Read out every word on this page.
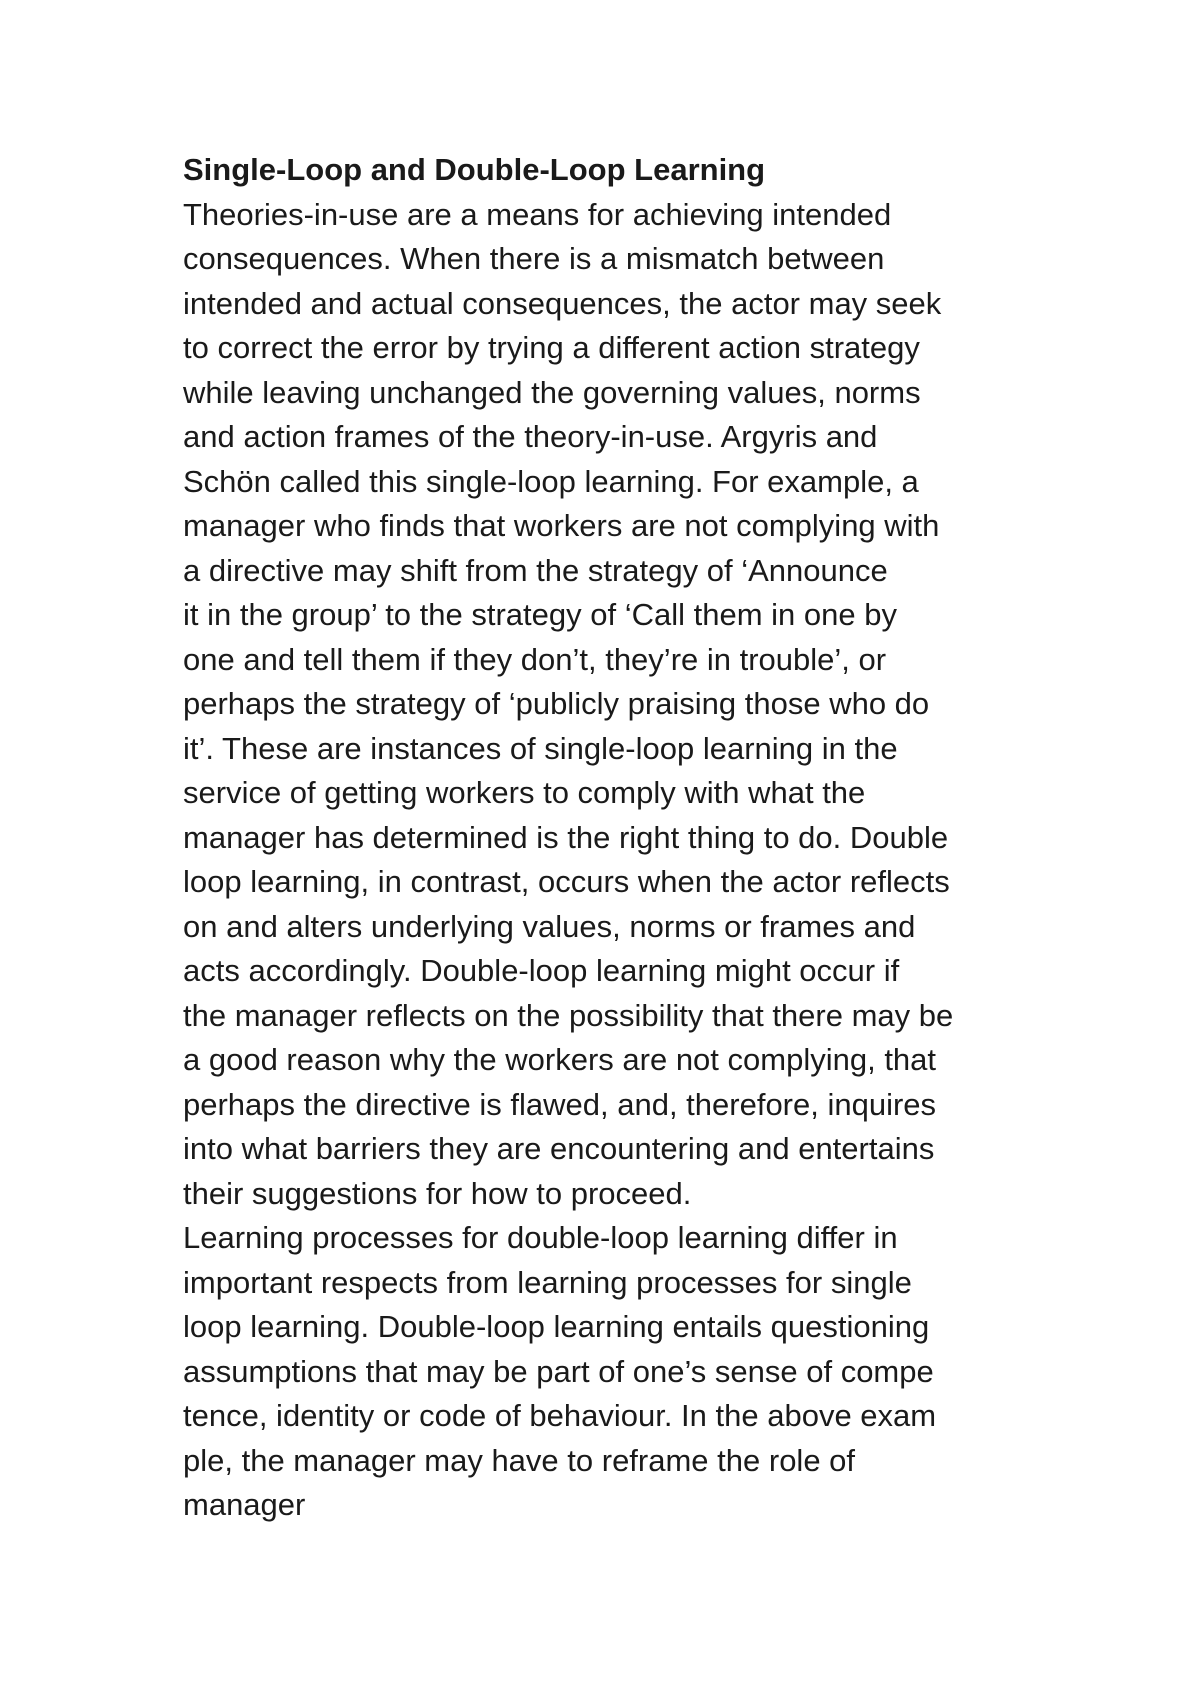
Single-Loop and Double-Loop Learning
Theories-in-use are a means for achieving intended
consequences. When there is a mismatch between
intended and actual consequences, the actor may seek
to correct the error by trying a different action strategy
while leaving unchanged the governing values, norms
and action frames of the theory-in-use. Argyris and
Schön called this single-loop learning. For example, a
manager who finds that workers are not complying with
a directive may shift from the strategy of ‘Announce
it in the group’ to the strategy of ‘Call them in one by
one and tell them if they don’t, they’re in trouble’, or
perhaps the strategy of ‘publicly praising those who do
it’. These are instances of single-loop learning in the
service of getting workers to comply with what the
manager has determined is the right thing to do. Double
loop learning, in contrast, occurs when the actor reflects
on and alters underlying values, norms or frames and
acts accordingly. Double-loop learning might occur if
the manager reflects on the possibility that there may be
a good reason why the workers are not complying, that
perhaps the directive is flawed, and, therefore, inquires
into what barriers they are encountering and entertains
their suggestions for how to proceed.
Learning processes for double-loop learning differ in
important respects from learning processes for single
loop learning. Double-loop learning entails questioning
assumptions that may be part of one’s sense of compe
tence, identity or code of behaviour. In the above exam
ple, the manager may have to reframe the role of
manager
